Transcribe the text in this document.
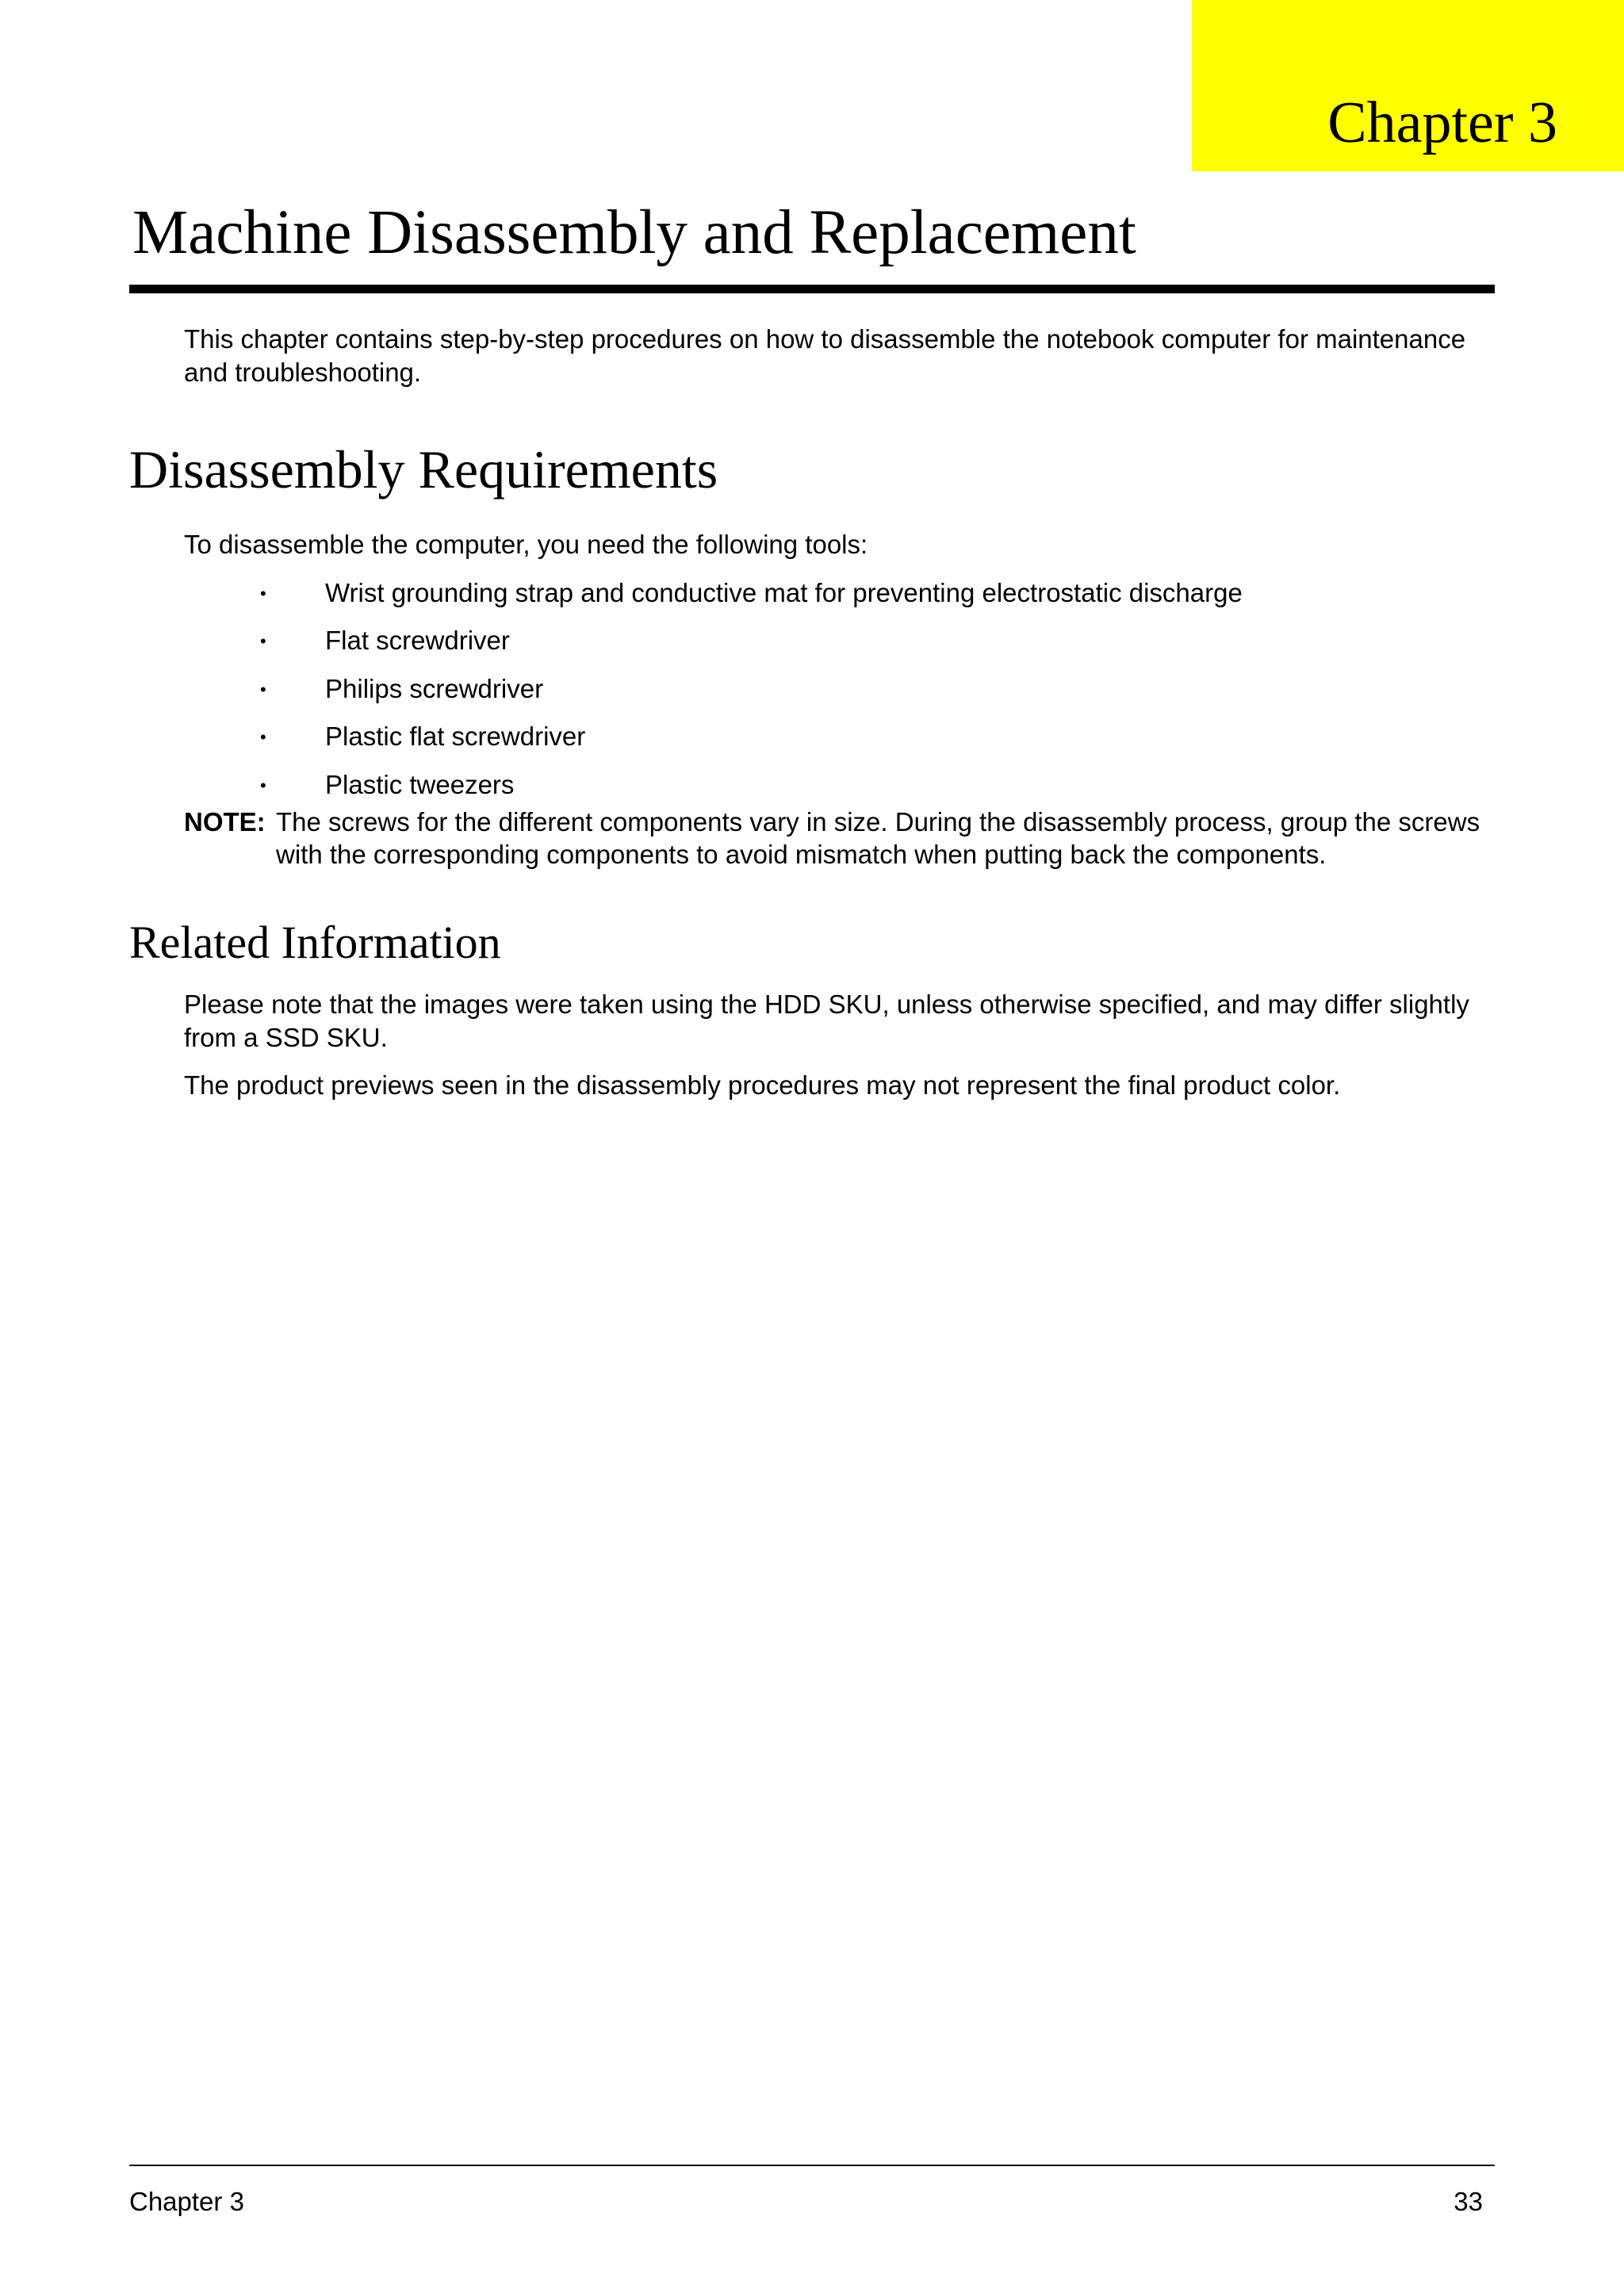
Chapter 3
Machine Disassembly and Replacement

This chapter contains step-by-step procedures on how to disassemble the notebook computer for maintenance and troubleshooting.

Disassembly Requirements

To disassemble the computer, you need the following tools:

• Wrist grounding strap and conductive mat for preventing electrostatic discharge
• Flat screwdriver
• Philips screwdriver
• Plastic flat screwdriver
• Plastic tweezers
NOTE: The screws for the different components vary in size. During the disassembly process, group the screws with the corresponding components to avoid mismatch when putting back the components.

Related Information

Please note that the images were taken using the HDD SKU, unless otherwise specified, and may differ slightly from a SSD SKU.

The product previews seen in the disassembly procedures may not represent the final product color.

Chapter 3	33
